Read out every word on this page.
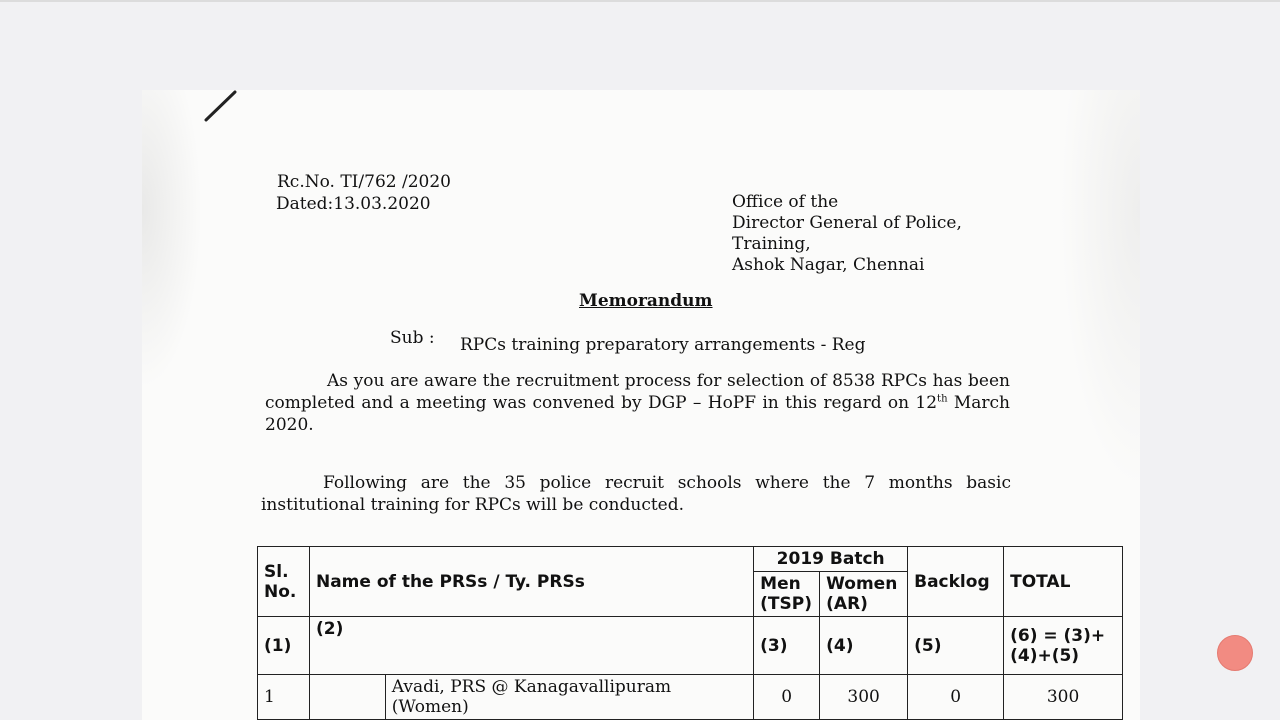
Rc.No. TI/762 /2020
Dated:13.03.2020	Office of the
Director General of Police,
Training,
Ashok Nagar, Chennai
Memorandum
Sub : RPCs training preparatory arrangements - Reg
As you are aware the recruitment process for selection of 8538 RPCs has been completed and a meeting was convened by DGP – HoPF in this regard on 12th March 2020.
Following are the 35 police recruit schools where the 7 months basic institutional training for RPCs will be conducted.
Sl. No.	Name of the PRSs / Ty. PRSs		2019 Batch		Backlog	TOTAL
			Men (TSP)	Women (AR)		
(1)	(2)		(3)	(4)	(5)	(6) = (3)+(4)+(5)
1		Avadi, PRS @ Kanagavallipuram (Women)	0	300	0	300
